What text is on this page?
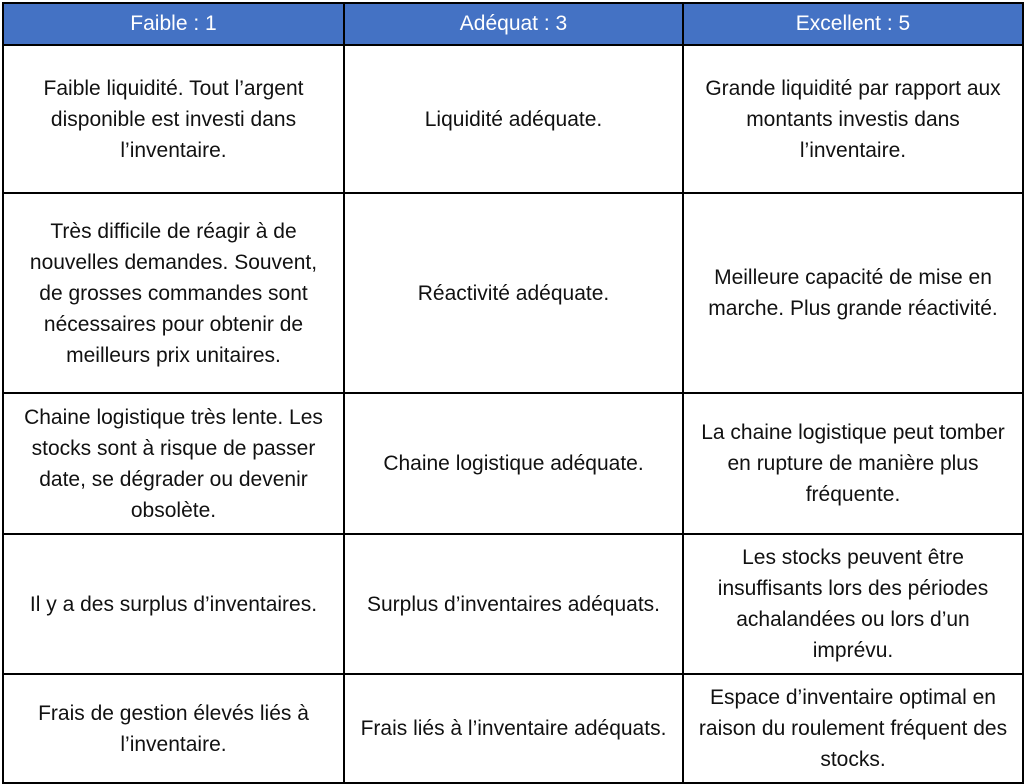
Faible : 1	Adéquat : 3	Excellent : 5
Faible liquidité. Tout l’argent disponible est investi dans l’inventaire.	Liquidité adéquate.	Grande liquidité par rapport aux montants investis dans l’inventaire.
Très difficile de réagir à de nouvelles demandes. Souvent, de grosses commandes sont nécessaires pour obtenir de meilleurs prix unitaires.	Réactivité adéquate.	Meilleure capacité de mise en marche. Plus grande réactivité.
Chaine logistique très lente. Les stocks sont à risque de passer date, se dégrader ou devenir obsolète.	Chaine logistique adéquate.	La chaine logistique peut tomber en rupture de manière plus fréquente.
Il y a des surplus d’inventaires.	Surplus d’inventaires adéquats.	Les stocks peuvent être insuffisants lors des périodes achalandées ou lors d’un imprévu.
Frais de gestion élevés liés à l’inventaire.	Frais liés à l’inventaire adéquats.	Espace d’inventaire optimal en raison du roulement fréquent des stocks.
